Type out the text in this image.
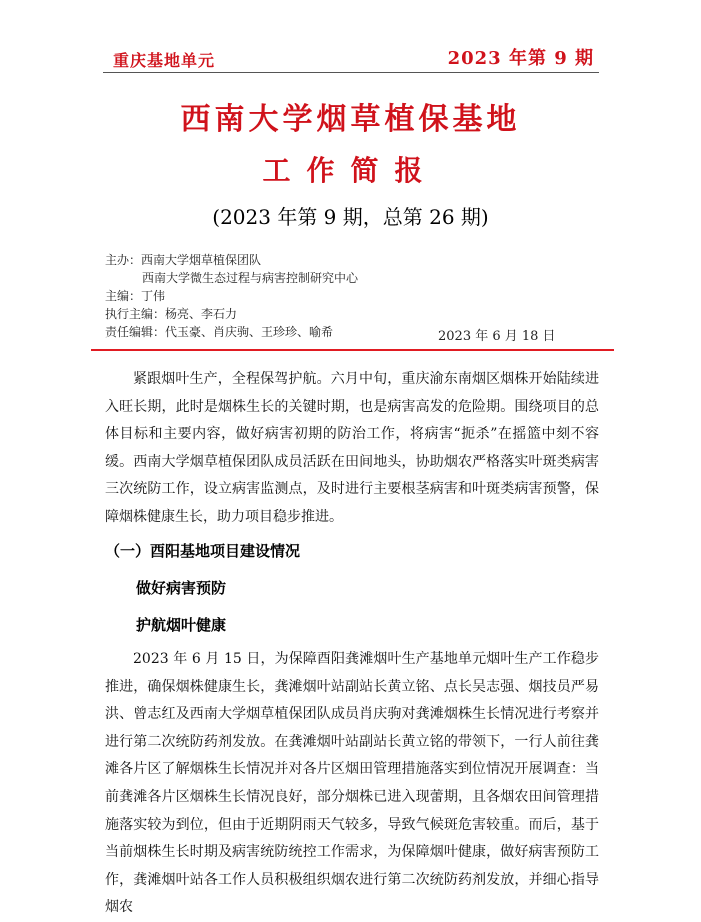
重庆基地单元	2023 年第 9 期
西南大学烟草植保基地
工作简报
(2023 年第 9 期，总第 26 期)
主办：西南大学烟草植保团队
西南大学微生态过程与病害控制研究中心
主编：丁伟
执行主编：杨亮、李石力
责任编辑：代玉豪、肖庆驹、王珍珍、喻希	2023 年 6 月 18 日
紧跟烟叶生产，全程保驾护航。六月中旬，重庆渝东南烟区烟株开始陆续进入旺长期，此时是烟株生长的关键时期，也是病害高发的危险期。围绕项目的总体目标和主要内容，做好病害初期的防治工作，将病害“扼杀”在摇篮中刻不容缓。西南大学烟草植保团队成员活跃在田间地头，协助烟农严格落实叶斑类病害三次统防工作，设立病害监测点，及时进行主要根茎病害和叶斑类病害预警，保障烟株健康生长，助力项目稳步推进。
（一）酉阳基地项目建设情况
做好病害预防
护航烟叶健康
2023 年 6 月 15 日，为保障酉阳龚滩烟叶生产基地单元烟叶生产工作稳步推进，确保烟株健康生长，龚滩烟叶站副站长黄立铭、点长吴志强、烟技员严易洪、曾志红及西南大学烟草植保团队成员肖庆驹对龚滩烟株生长情况进行考察并进行第二次统防药剂发放。在龚滩烟叶站副站长黄立铭的带领下，一行人前往龚滩各片区了解烟株生长情况并对各片区烟田管理措施落实到位情况开展调查：当前龚滩各片区烟株生长情况良好，部分烟株已进入现蕾期，且各烟农田间管理措施落实较为到位，但由于近期阴雨天气较多，导致气候斑危害较重。而后，基于当前烟株生长时期及病害统防统控工作需求，为保障烟叶健康，做好病害预防工作，龚滩烟叶站各工作人员积极组织烟农进行第二次统防药剂发放，并细心指导烟农
